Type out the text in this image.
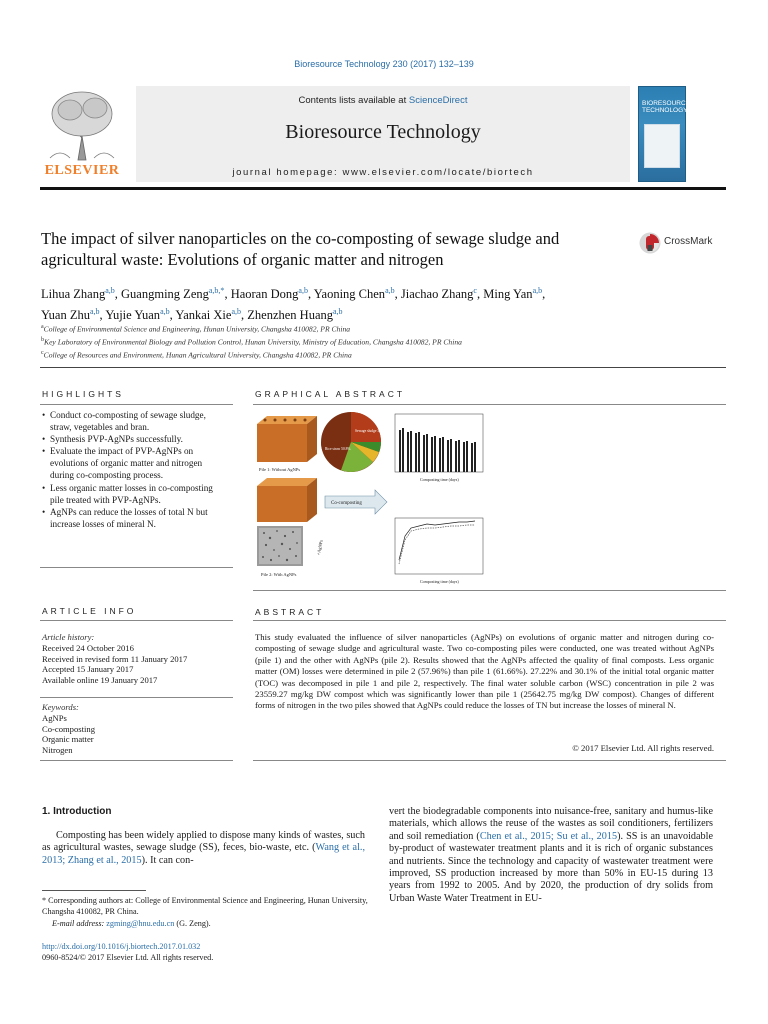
Bioresource Technology 230 (2017) 132–139
ELSEVIER
Contents lists available at ScienceDirect
Bioresource Technology
journal homepage: www.elsevier.com/locate/biortech
BIORESOURCE TECHNOLOGY
The impact of silver nanoparticles on the co-composting of sewage sludge and agricultural waste: Evolutions of organic matter and nitrogen
CrossMark
Lihua Zhang$^{a,b}$, Guangming Zeng$^{a,b,*}$, Haoran Dong$^{a,b}$, Yaoning Chen$^{a,b}$, Jiachao Zhang$^c$, Ming Yan$^{a,b}$,
Yuan Zhu$^{a,b}$, Yujie Yuan$^{a,b}$, Yankai Xie$^{a,b}$, Zhenzhen Huang$^{a,b}$
$^a$College of Environmental Science and Engineering, Hunan University, Changsha 410082, PR China
$^b$Key Laboratory of Environmental Biology and Pollution Control, Hunan University, Ministry of Education, Changsha 410082, PR China
$^c$College of Resources and Environment, Hunan Agricultural University, Changsha 410082, PR China
HIGHLIGHTS
• Conduct co-composting of sewage sludge, straw, vegetables and bran.
• Synthesis PVP-AgNPs successfully.
• Evaluate the impact of PVP-AgNPs on evolutions of organic matter and nitrogen during co-composting process.
• Less organic matter losses in co-composting pile treated with PVP-AgNPs.
• AgNPs can reduce the losses of total N but increase losses of mineral N.
GRAPHICAL ABSTRACT
Pile 1: Without AgNPs
Sewage sludge 32.5%
Rice straw 50.8%
Composting time (days)
Co-composting
+AgNPs
Pile 2: With AgNPs
Composting time (days)
ARTICLE INFO
Article history:
Received 24 October 2016
Received in revised form 11 January 2017
Accepted 15 January 2017
Available online 19 January 2017
Keywords:
AgNPs
Co-composting
Organic matter
Nitrogen
ABSTRACT
This study evaluated the influence of silver nanoparticles (AgNPs) on evolutions of organic matter and nitrogen during co-composting of sewage sludge and agricultural waste. Two co-composting piles were conducted, one was treated without AgNPs (pile 1) and the other with AgNPs (pile 2). Results showed that the AgNPs affected the quality of final composts. Less organic matter (OM) losses were determined in pile 2 (57.96%) than pile 1 (61.66%). 27.22% and 30.1% of the initial total organic matter (TOC) was decomposed in pile 1 and pile 2, respectively. The final water soluble carbon (WSC) concentration in pile 2 was 23559.27 mg/kg DW compost which was significantly lower than pile 1 (25642.75 mg/kg DW compost). Changes of different forms of nitrogen in the two piles showed that AgNPs could reduce the losses of TN but increase the losses of mineral N.
© 2017 Elsevier Ltd. All rights reserved.
1. Introduction
Composting has been widely applied to dispose many kinds of wastes, such as agricultural wastes, sewage sludge (SS), feces, bio-waste, etc. (Wang et al., 2013; Zhang et al., 2015). It can con-
vert the biodegradable components into nuisance-free, sanitary and humus-like materials, which allows the reuse of the wastes as soil conditioners, fertilizers and soil remediation (Chen et al., 2015; Su et al., 2015). SS is an unavoidable by-product of wastewater treatment plants and it is rich of organic substances and nutrients. Since the technology and capacity of wastewater treatment were improved, SS production increased by more than 50% in EU-15 during 13 years from 1992 to 2005. And by 2020, the production of dry solids from Urban Waste Water Treatment in EU-
* Corresponding authors at: College of Environmental Science and Engineering, Hunan University, Changsha 410082, PR China.
E-mail address: zgming@hnu.edu.cn (G. Zeng).
http://dx.doi.org/10.1016/j.biortech.2017.01.032
0960-8524/© 2017 Elsevier Ltd. All rights reserved.
